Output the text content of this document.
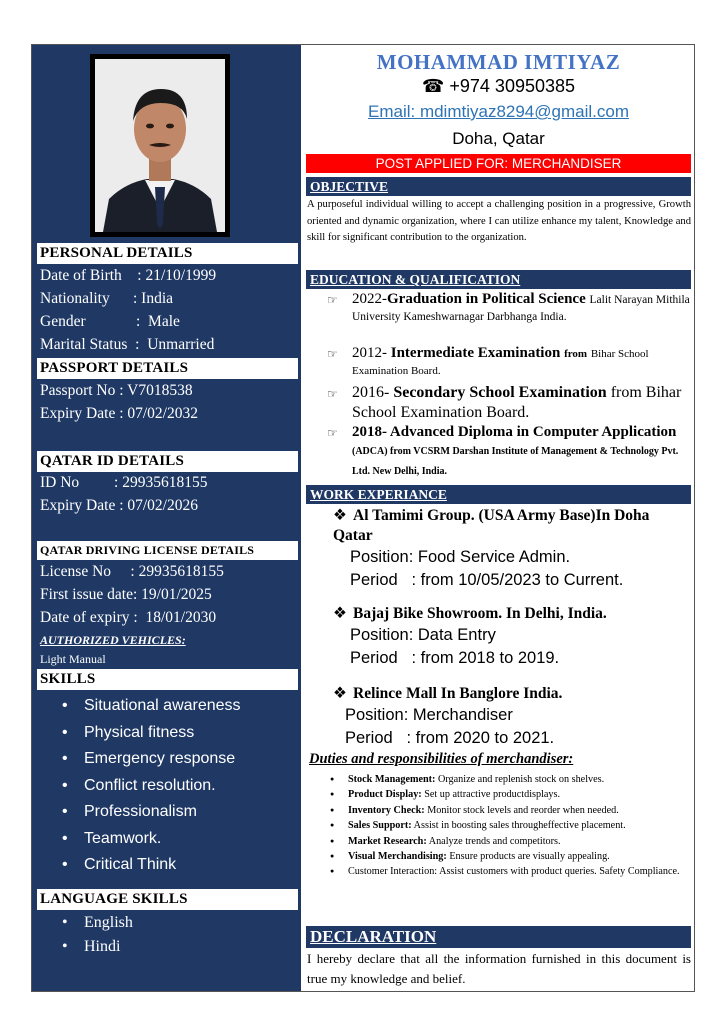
PERSONAL DETAILS
Date of Birth    : 21/10/1999
Nationality      : India
Gender             :  Male
Marital Status  :  Unmarried
PASSPORT DETAILS
Passport No : V7018538
Expiry Date : 07/02/2032
QATAR ID DETAILS
ID No         : 29935618155
Expiry Date : 07/02/2026
QATAR DRIVING LICENSE DETAILS
License No     : 29935618155
First issue date: 19/01/2025
Date of expiry :  18/01/2030
AUTHORIZED VEHICLES:
Light Manual
SKILLS
• Situational awareness
• Physical fitness
• Emergency response
• Conflict resolution.
• Professionalism
• Teamwork.
• Critical Think
LANGUAGE SKILLS
• English
• Hindi
MOHAMMAD IMTIYAZ
☎ +974 30950385
Email: mdimtiyaz8294@gmail.com
Doha, Qatar
POST APPLIED FOR: MERCHANDISER
OBJECTIVE
A purposeful individual willing to accept a challenging position in a progressive, Growth oriented and dynamic organization, where I can utilize enhance my talent, Knowledge and skill for significant contribution to the organization.
EDUCATION & QUALIFICATION
☞ 2022-Graduation in Political Science Lalit Narayan Mithila University Kameshwarnagar Darbhanga India.
☞ 2012- Intermediate Examination from Bihar School Examination Board.
☞ 2016- Secondary School Examination from Bihar School Examination Board.
☞ 2018- Advanced Diploma in Computer Application (ADCA) from VCSRM Darshan Institute of Management & Technology Pvt. Ltd. New Delhi, India.
WORK EXPERIANCE
❖ Al Tamimi Group. (USA Army Base)In Doha Qatar
Position: Food Service Admin.
Period   : from 10/05/2023 to Current.
❖ Bajaj Bike Showroom. In Delhi, India.
Position: Data Entry
Period   : from 2018 to 2019.
❖ Relince Mall In Banglore India.
Position: Merchandiser
Period   : from 2020 to 2021.
Duties and responsibilities of merchandiser:
● Stock Management: Organize and replenish stock on shelves.
● Product Display: Set up attractive productdisplays.
● Inventory Check: Monitor stock levels and reorder when needed.
● Sales Support: Assist in boosting sales througheffective placement.
● Market Research: Analyze trends and competitors.
● Visual Merchandising: Ensure products are visually appealing.
● Customer Interaction: Assist customers with product queries. Safety Compliance.
DECLARATION
I hereby declare that all the information furnished in this document is true my knowledge and belief.
